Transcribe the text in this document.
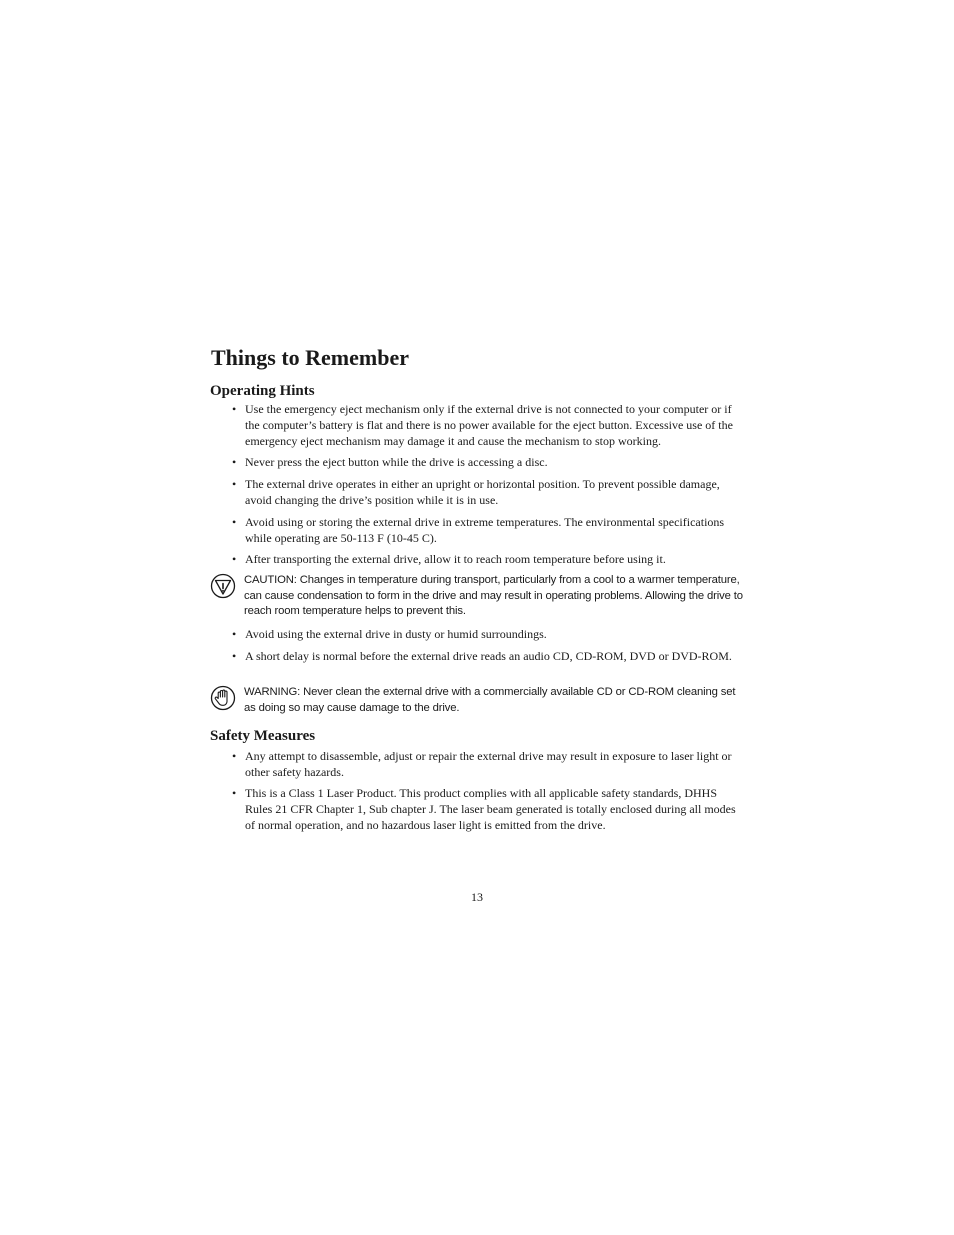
Things to Remember
Operating Hints
• Use the emergency eject mechanism only if the external drive is not connected to your computer or if the computer’s battery is flat and there is no power available for the eject button. Excessive use of the emergency eject mechanism may damage it and cause the mechanism to stop working.
• Never press the eject button while the drive is accessing a disc.
• The external drive operates in either an upright or horizontal position. To prevent possible damage, avoid changing the drive’s position while it is in use.
• Avoid using or storing the external drive in extreme temperatures. The environmental specifications while operating are 50-113 F (10-45 C).
• After transporting the external drive, allow it to reach room temperature before using it.
CAUTION: Changes in temperature during transport, particularly from a cool to a warmer temperature, can cause condensation to form in the drive and may result in operating problems. Allowing the drive to reach room temperature helps to prevent this.
• Avoid using the external drive in dusty or humid surroundings.
• A short delay is normal before the external drive reads an audio CD, CD-ROM, DVD or DVD-ROM.
WARNING: Never clean the external drive with a commercially available CD or CD-ROM cleaning set as doing so may cause damage to the drive.
Safety Measures
• Any attempt to disassemble, adjust or repair the external drive may result in exposure to laser light or other safety hazards.
• This is a Class 1 Laser Product. This product complies with all applicable safety standards, DHHS Rules 21 CFR Chapter 1, Sub chapter J. The laser beam generated is totally enclosed during all modes of normal operation, and no hazardous laser light is emitted from the drive.
13
